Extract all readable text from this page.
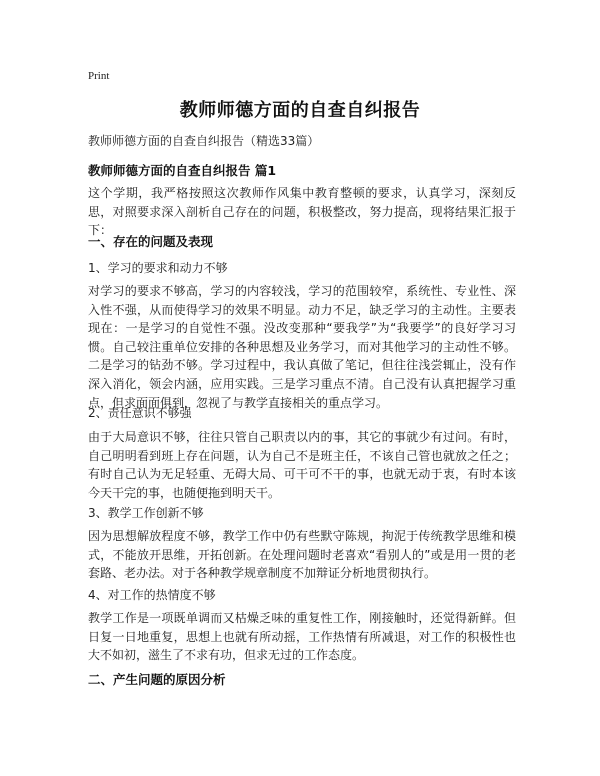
Print
教师师德方面的自查自纠报告
教师师德方面的自查自纠报告（精选33篇）
教师师德方面的自查自纠报告 篇1
这个学期，我严格按照这次教师作风集中教育整顿的要求，认真学习，深刻反思，对照要求深入剖析自己存在的问题，积极整改，努力提高，现将结果汇报于下：
一、存在的问题及表现
1、学习的要求和动力不够
对学习的要求不够高，学习的内容较浅，学习的范围较窄，系统性、专业性、深入性不强，从而使得学习的效果不明显。动力不足，缺乏学习的主动性。主要表现在：一是学习的自觉性不强。没改变那种“要我学”为“我要学”的良好学习习惯。自己较注重单位安排的各种思想及业务学习，而对其他学习的主动性不够。二是学习的钻劲不够。学习过程中，我认真做了笔记，但往往浅尝辄止，没有作深入消化，领会内涵，应用实践。三是学习重点不清。自己没有认真把握学习重点，但求面面俱到，忽视了与教学直接相关的重点学习。
2、责任意识不够强
由于大局意识不够，往往只管自己职责以内的事，其它的事就少有过问。有时，自己明明看到班上存在问题，认为自己不是班主任，不该自己管也就放之任之；有时自己认为无足轻重、无碍大局、可干可不干的事，也就无动于衷，有时本该今天干完的事，也随便拖到明天干。
3、教学工作创新不够
因为思想解放程度不够，教学工作中仍有些默守陈规，拘泥于传统教学思维和模式，不能放开思维，开拓创新。在处理问题时老喜欢“看别人的”或是用一贯的老套路、老办法。对于各种教学规章制度不加辩证分析地贯彻执行。
4、对工作的热情度不够
教学工作是一项既单调而又枯燥乏味的重复性工作，刚接触时，还觉得新鲜。但日复一日地重复，思想上也就有所动摇，工作热情有所减退，对工作的积极性也大不如初，滋生了不求有功，但求无过的工作态度。
二、产生问题的原因分析
